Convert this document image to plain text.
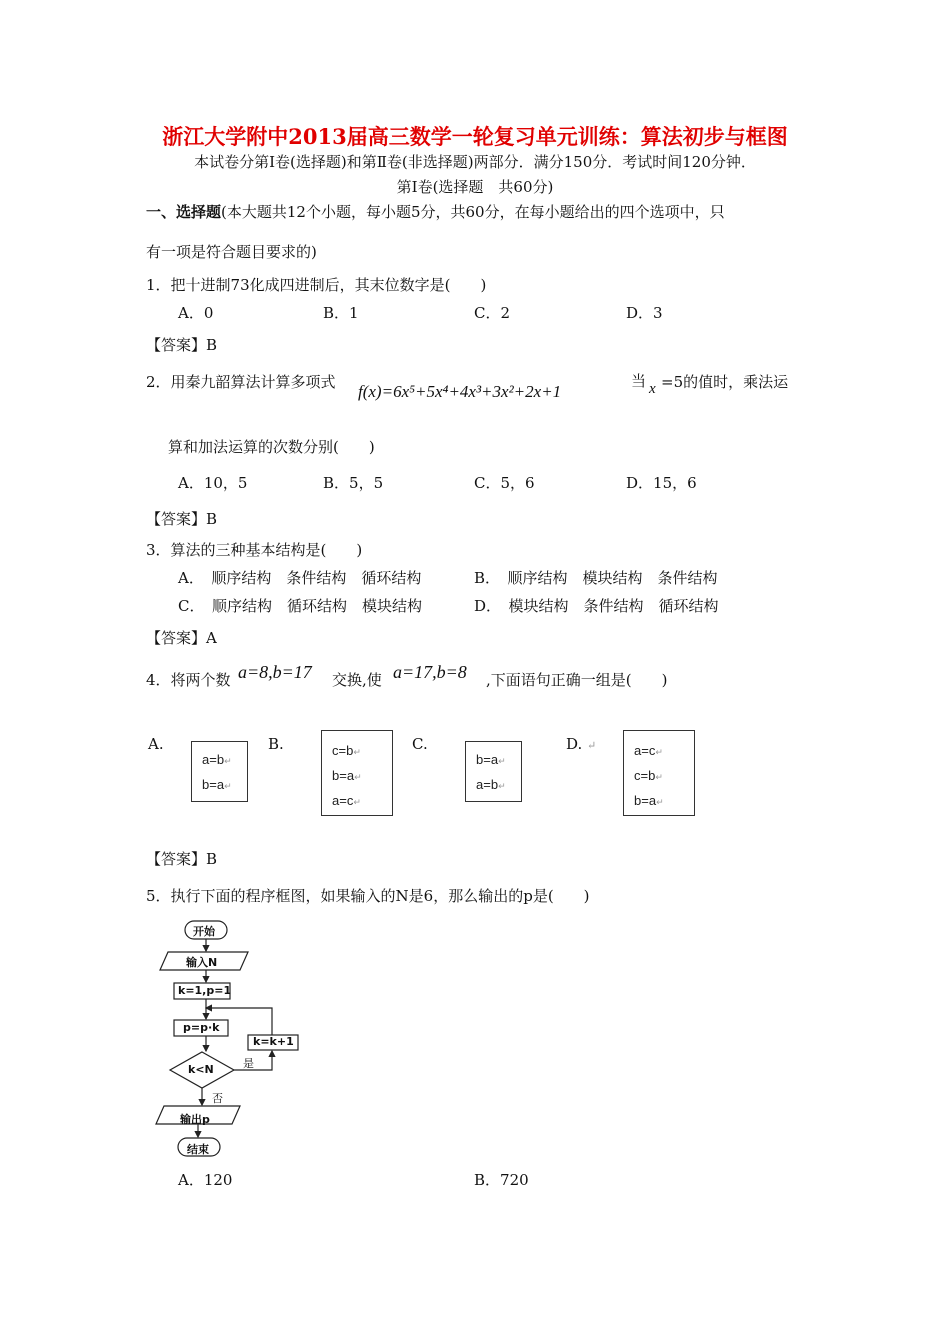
浙江大学附中2013届高三数学一轮复习单元训练：算法初步与框图
本试卷分第Ⅰ卷(选择题)和第Ⅱ卷(非选择题)两部分．满分150分．考试时间120分钟．
第Ⅰ卷(选择题　共60分)
一、选择题(本大题共12个小题，每小题5分，共60分，在每小题给出的四个选项中，只
有一项是符合题目要求的)
1．把十进制73化成四进制后，其末位数字是(　　)
A．0	B．1	C．2	D．3
【答案】B
2．用秦九韶算法计算多项式 f(x)=6x⁵+5x⁴+4x³+3x²+2x+1
当 x =5的值时，乘法运
算和加法运算的次数分别(　　)
A．10，5	B．5，5	C．5，6	D．15，6
【答案】B
3．算法的三种基本结构是(　　)
A．　顺序结构　条件结构　循环结构	B．　顺序结构　模块结构　条件结构
C．　顺序结构　循环结构　模块结构	D．　模块结构　条件结构　循环结构
【答案】A
4．将两个数 a=8,b=17 交换,使 a=17,b=8 ,下面语句正确一组是(　　)
A.
a=b↵
b=a↵
B.	c=b↵
b=a↵
a=c↵
C.
b=a↵
a=b↵
D. ↵	a=c↵
c=b↵
b=a↵
【答案】B
5．执行下面的程序框图，如果输入的N是6，那么输出的p是(　　)
开始
输入N
k=1,p=1
p=p·k
k=k+1
k<N	是
否
输出p
结束
A．120	B．720
